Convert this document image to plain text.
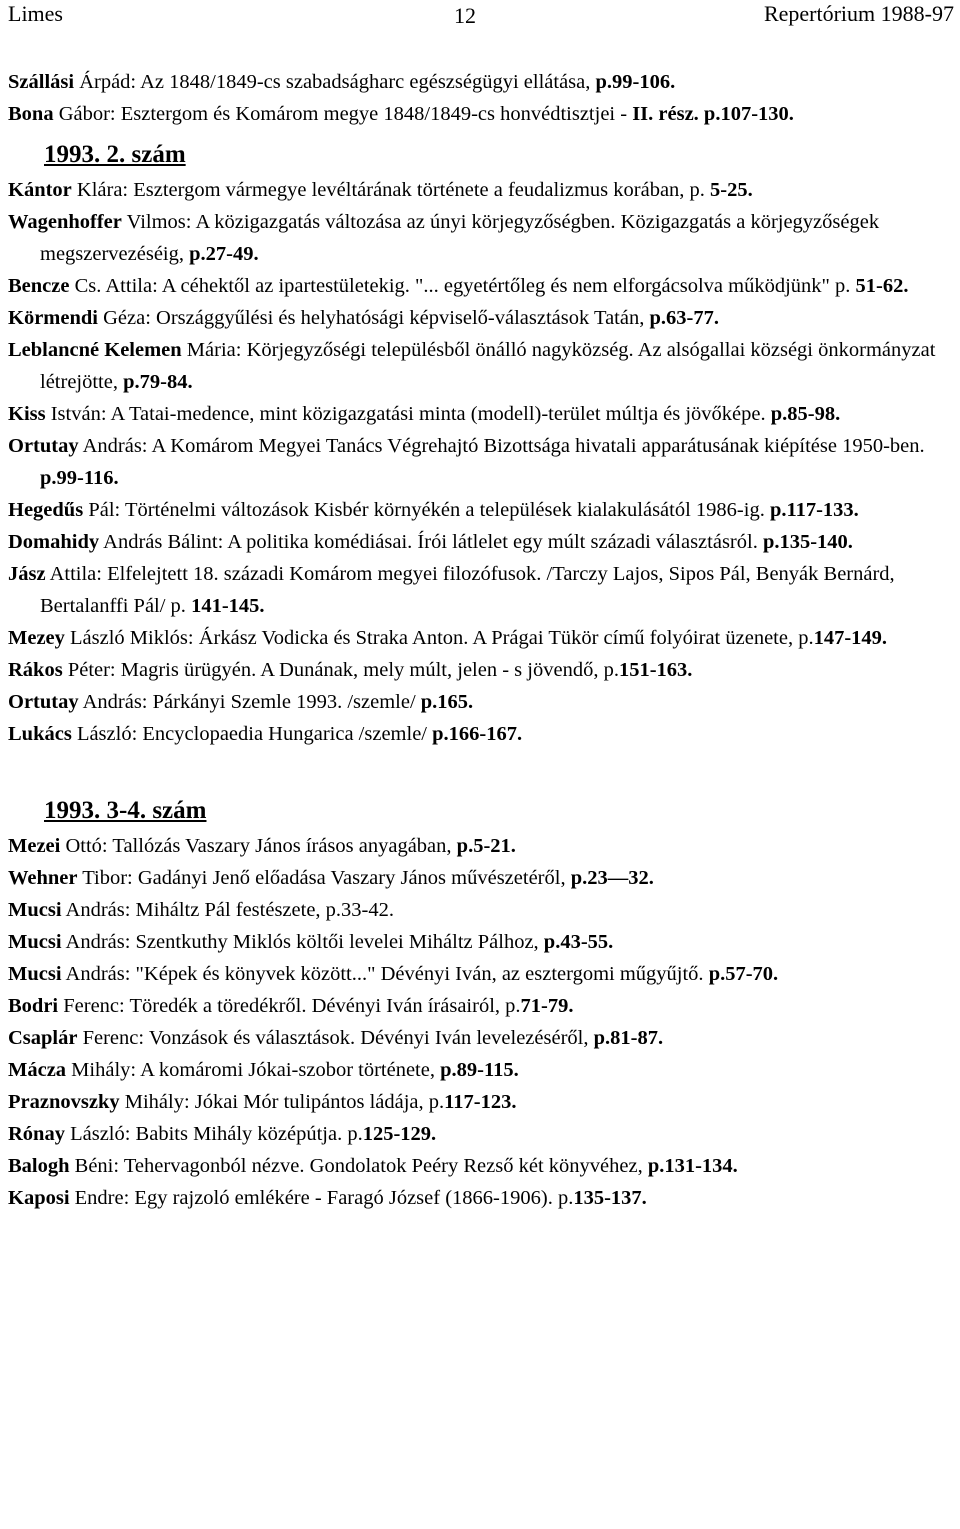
Limes	12	Repertórium 1988-97

Szállási Árpád: Az 1848/1849-cs szabadságharc egészségügyi ellátása, p.99-106.

Bona Gábor: Esztergom és Komárom megye 1848/1849-cs honvédtisztjei - II. rész. p.107-130.

1993. 2. szám

Kántor Klára: Esztergom vármegye levéltárának története a feudalizmus korában, p. 5-25.

Wagenhoffer Vilmos: A közigazgatás változása az únyi körjegyzőségben. Közigazgatás a körjegyzőségek megszervezéséig, p.27-49.

Bencze Cs. Attila: A céhektől az ipartestületekig. "... egyetértőleg és nem elforgácsolva működjünk" p. 51-62.

Körmendi Géza: Országgyűlési és helyhatósági képviselő-választások Tatán, p.63-77.

Leblancné Kelemen Mária: Körjegyzőségi településből önálló nagyközség. Az alsógallai községi önkormányzat létrejötte, p.79-84.

Kiss István: A Tatai-medence, mint közigazgatási minta (modell)-terület múltja és jövőképe. p.85-98.

Ortutay András: A Komárom Megyei Tanács Végrehajtó Bizottsága hivatali apparátusának kiépítése 1950-ben. p.99-116.

Hegedűs Pál: Történelmi változások Kisbér környékén a települések kialakulásától 1986-ig. p.117-133.

Domahidy András Bálint: A politika komédiásai. Írói látlelet egy múlt századi választásról. p.135-140.

Jász Attila: Elfelejtett 18. századi Komárom megyei filozófusok. /Tarczy Lajos, Sipos Pál, Benyák Bernárd, Bertalanffi Pál/ p. 141-145.

Mezey László Miklós: Árkász Vodicka és Straka Anton. A Prágai Tükör című folyóirat üzenete, p.147-149.

Rákos Péter: Magris ürügyén. A Dunának, mely múlt, jelen - s jövendő, p.151-163.

Ortutay András: Párkányi Szemle 1993. /szemle/ p.165.

Lukács László: Encyclopaedia Hungarica /szemle/ p.166-167.

1993. 3-4. szám

Mezei Ottó: Tallózás Vaszary János írásos anyagában, p.5-21.

Wehner Tibor: Gadányi Jenő előadása Vaszary János művészetéről, p.23—32.

Mucsi András: Miháltz Pál festészete, p.33-42.

Mucsi András: Szentkuthy Miklós költői levelei Miháltz Pálhoz, p.43-55.

Mucsi András: "Képek és könyvek között..." Dévényi Iván, az esztergomi műgyűjtő. p.57-70.

Bodri Ferenc: Töredék a töredékről. Dévényi Iván írásairól, p.71-79.

Csaplár Ferenc: Vonzások és választások. Dévényi Iván levelezéséről, p.81-87.

Mácza Mihály: A komáromi Jókai-szobor története, p.89-115.

Praznovszky Mihály: Jókai Mór tulipántos ládája, p.117-123.

Rónay László: Babits Mihály középútja. p.125-129.

Balogh Béni: Tehervagonból nézve. Gondolatok Peéry Rezső két könyvéhez, p.131-134.

Kaposi Endre: Egy rajzoló emlékére - Faragó József (1866-1906). p.135-137.
